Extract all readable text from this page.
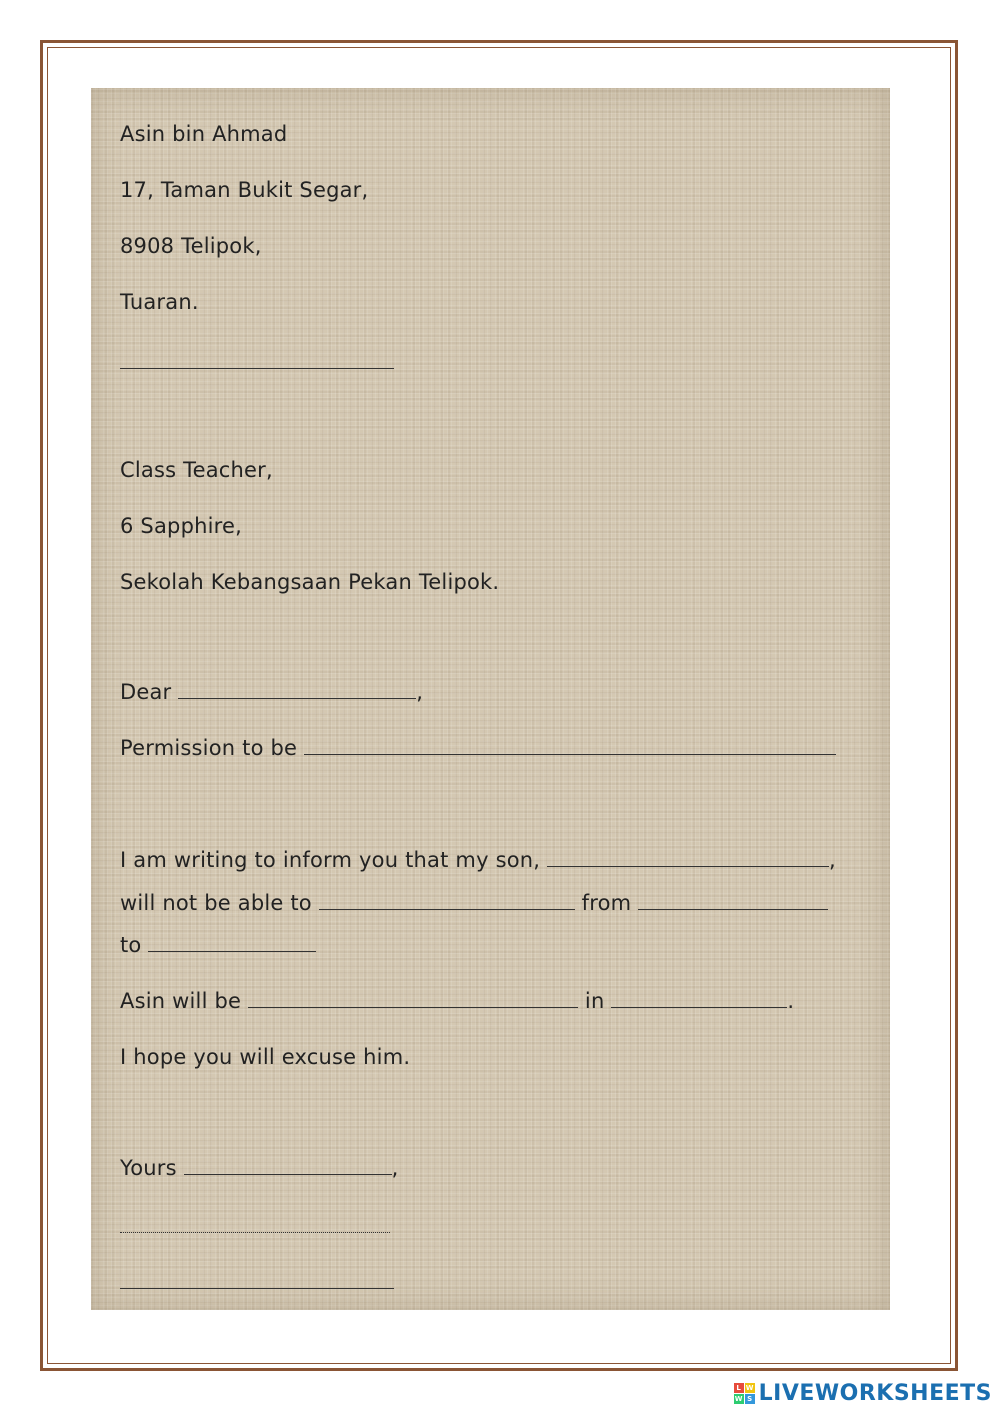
Asin bin Ahmad
17, Taman Bukit Segar,
8908 Telipok,
Tuaran.
Class Teacher,
6 Sapphire,
Sekolah Kebangsaan Pekan Telipok.
Dear	,
Permission to be
I am writing to inform you that my son,	,
will not be able to	from
to
Asin will be	in	.
I hope you will excuse him.
Yours	,
L W
W S LIVEWORKSHEETS
